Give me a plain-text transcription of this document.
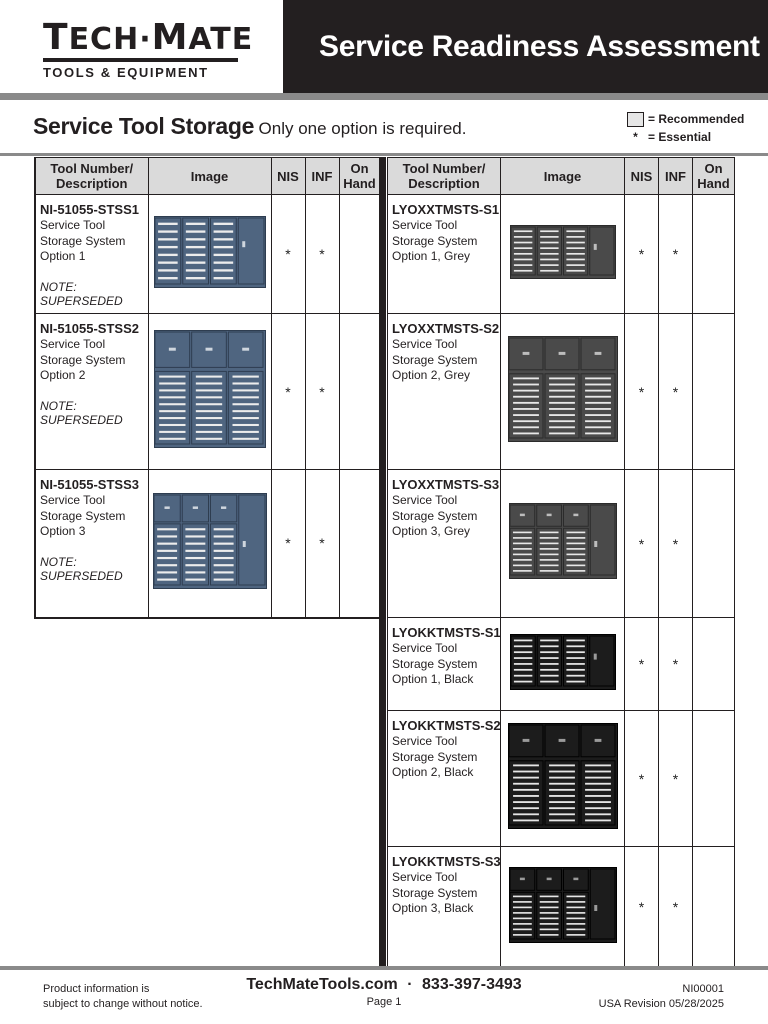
TECH·MATE
TOOLS & EQUIPMENT
Service Readiness Assessment
Service Tool Storage Only one option is required.	= Recommended
* = Essential
Tool Number/ Description	Image	NIS	INF	On Hand

NI-51055-STSS1
Service Tool Storage System Option 1
NOTE: SUPERSEDED		*	*	

NI-51055-STSS2
Service Tool Storage System Option 2
NOTE: SUPERSEDED		*	*	

NI-51055-STSS3
Service Tool Storage System Option 3
NOTE: SUPERSEDED		*	*	
Tool Number/ Description	Image	NIS	INF	On Hand

LYOXXTMSTS-S1
Service Tool Storage System Option 1, Grey		*	*	

LYOXXTMSTS-S2
Service Tool Storage System Option 2, Grey		*	*	

LYOXXTMSTS-S3
Service Tool Storage System Option 3, Grey		*	*	

LYOKKTMSTS-S1
Service Tool Storage System Option 1, Black		*	*	

LYOKKTMSTS-S2
Service Tool Storage System Option 2, Black		*	*	

LYOKKTMSTS-S3
Service Tool Storage System Option 3, Black		*	*	
Product information is
subject to change without notice.
TechMateTools.com · 833-397-3493
Page 1
NI00001
USA Revision 05/28/2025
